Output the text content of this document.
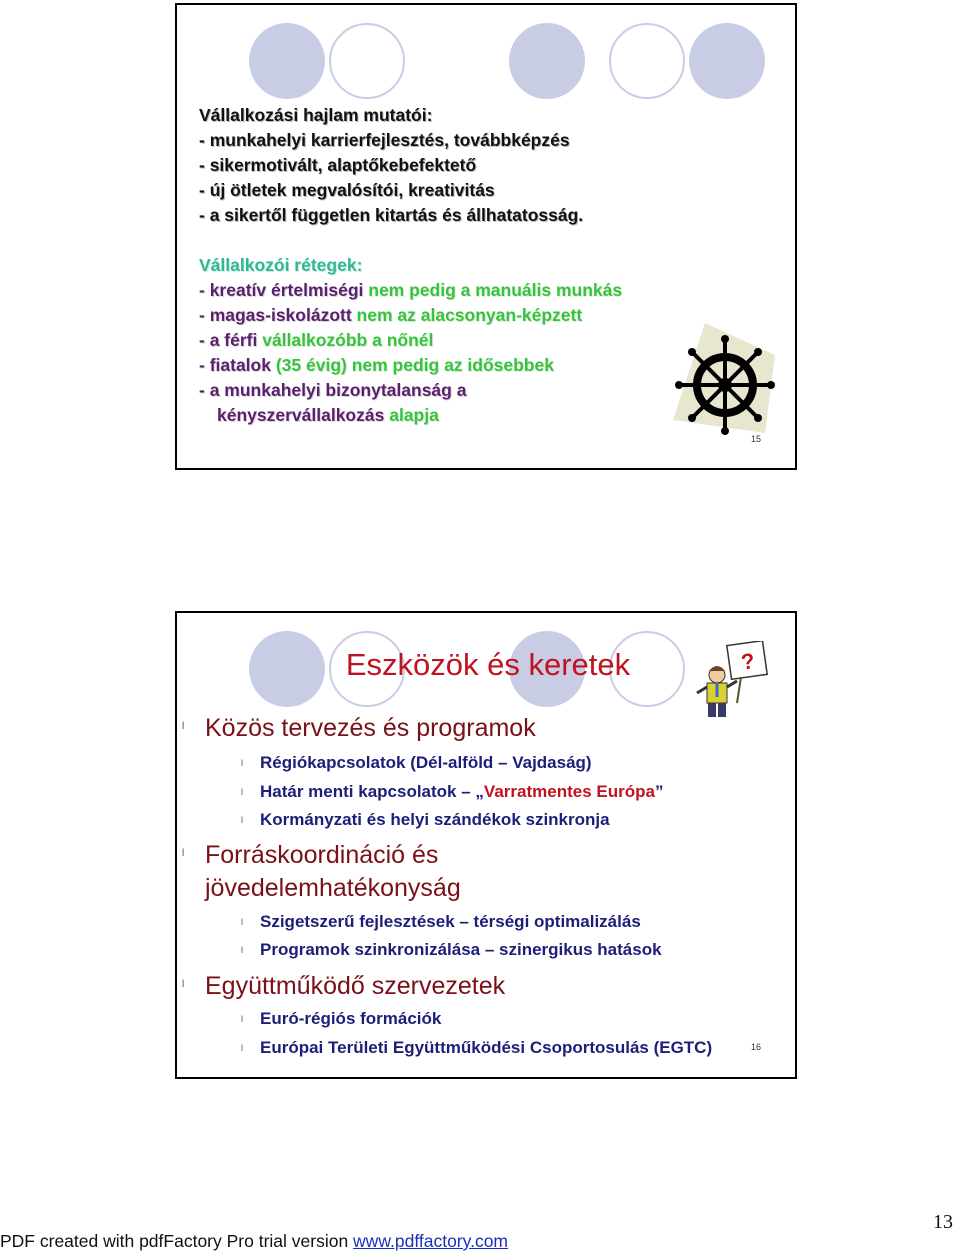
Vállalkozási hajlam mutatói:
- munkahelyi karrierfejlesztés, továbbképzés
- sikermotivált, alaptőkebefektető
- új ötletek megvalósítói, kreativitás
- a sikertől független kitartás és állhatatosság.
Vállalkozói rétegek:
- kreatív értelmiségi nem pedig a manuális munkás
- magas-iskolázott nem az alacsonyan-képzett
- a férfi vállalkozóbb a nőnél
- fiatalok (35 évig) nem pedig az idősebbek
- a munkahelyi bizonytalanság a
kényszervállalkozás alapja
15
Eszközök és keretek	?
l Közös tervezés és programok
l Régiókapcsolatok (Dél-alföld – Vajdaság)
l Határ menti kapcsolatok – „Varratmentes Európa”
l Kormányzati és helyi szándékok szinkronja
l Forráskoordináció és
jövedelemhatékonyság
l Szigetszerű fejlesztések – térségi optimalizálás
l Programok szinkronizálása – szinergikus hatások
l Együttműködő szervezetek
l Euró-régiós formációk
l Európai Területi Együttműködési Csoportosulás (EGTC)	16
PDF created with pdfFactory Pro trial version www.pdffactory.com
13
